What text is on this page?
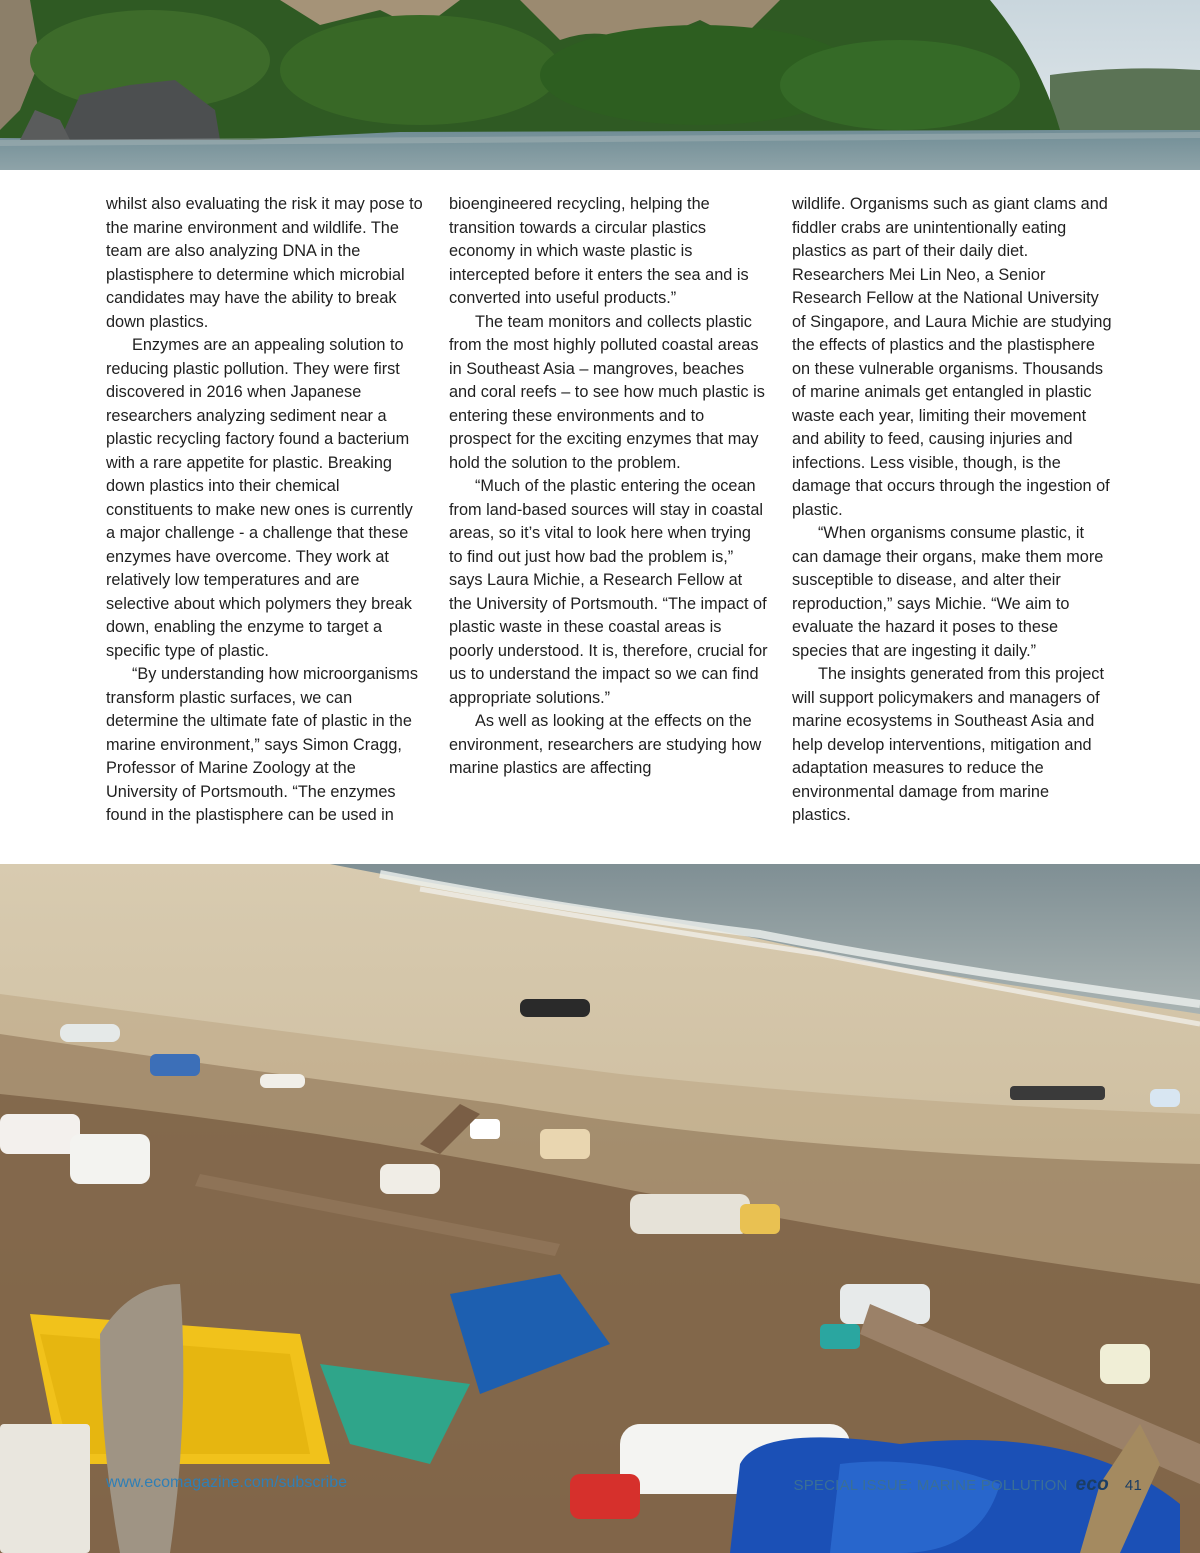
whilst also evaluating the risk it may pose to the marine environment and wildlife. The team are also analyzing DNA in the plastisphere to determine which microbial candidates may have the ability to break down plastics.

Enzymes are an appealing solution to reducing plastic pollution. They were first discovered in 2016 when Japanese researchers analyzing sediment near a plastic recycling factory found a bacterium with a rare appetite for plastic. Breaking down plastics into their chemical constituents to make new ones is currently a major challenge - a challenge that these enzymes have overcome. They work at relatively low temperatures and are selective about which polymers they break down, enabling the enzyme to target a specific type of plastic.

“By understanding how microorganisms transform plastic surfaces, we can determine the ultimate fate of plastic in the marine environment,” says Simon Cragg, Professor of Marine Zoology at the University of Portsmouth. “The enzymes found in the plastisphere can be used in

bioengineered recycling, helping the transition towards a circular plastics economy in which waste plastic is intercepted before it enters the sea and is converted into useful products.”

The team monitors and collects plastic from the most highly polluted coastal areas in Southeast Asia – mangroves, beaches and coral reefs – to see how much plastic is entering these environments and to prospect for the exciting enzymes that may hold the solution to the problem.

“Much of the plastic entering the ocean from land-based sources will stay in coastal areas, so it’s vital to look here when trying to find out just how bad the problem is,” says Laura Michie, a Research Fellow at the University of Portsmouth. “The impact of plastic waste in these coastal areas is poorly understood. It is, therefore, crucial for us to understand the impact so we can find appropriate solutions.”

As well as looking at the effects on the environment, researchers are studying how marine plastics are affecting

wildlife. Organisms such as giant clams and fiddler crabs are unintentionally eating plastics as part of their daily diet. Researchers Mei Lin Neo, a Senior Research Fellow at the National University of Singapore, and Laura Michie are studying the effects of plastics and the plastisphere on these vulnerable organisms. Thousands of marine animals get entangled in plastic waste each year, limiting their movement and ability to feed, causing injuries and infections. Less visible, though, is the damage that occurs through the ingestion of plastic.

“When organisms consume plastic, it can damage their organs, make them more susceptible to disease, and alter their reproduction,” says Michie. “We aim to evaluate the hazard it poses to these species that are ingesting it daily.”

The insights generated from this project will support policymakers and managers of marine ecosystems in Southeast Asia and help develop interventions, mitigation and adaptation measures to reduce the environmental damage from marine plastics.

www.ecomagazine.com/subscribe	SPECIAL ISSUE: MARINE POLLUTION eco 41
